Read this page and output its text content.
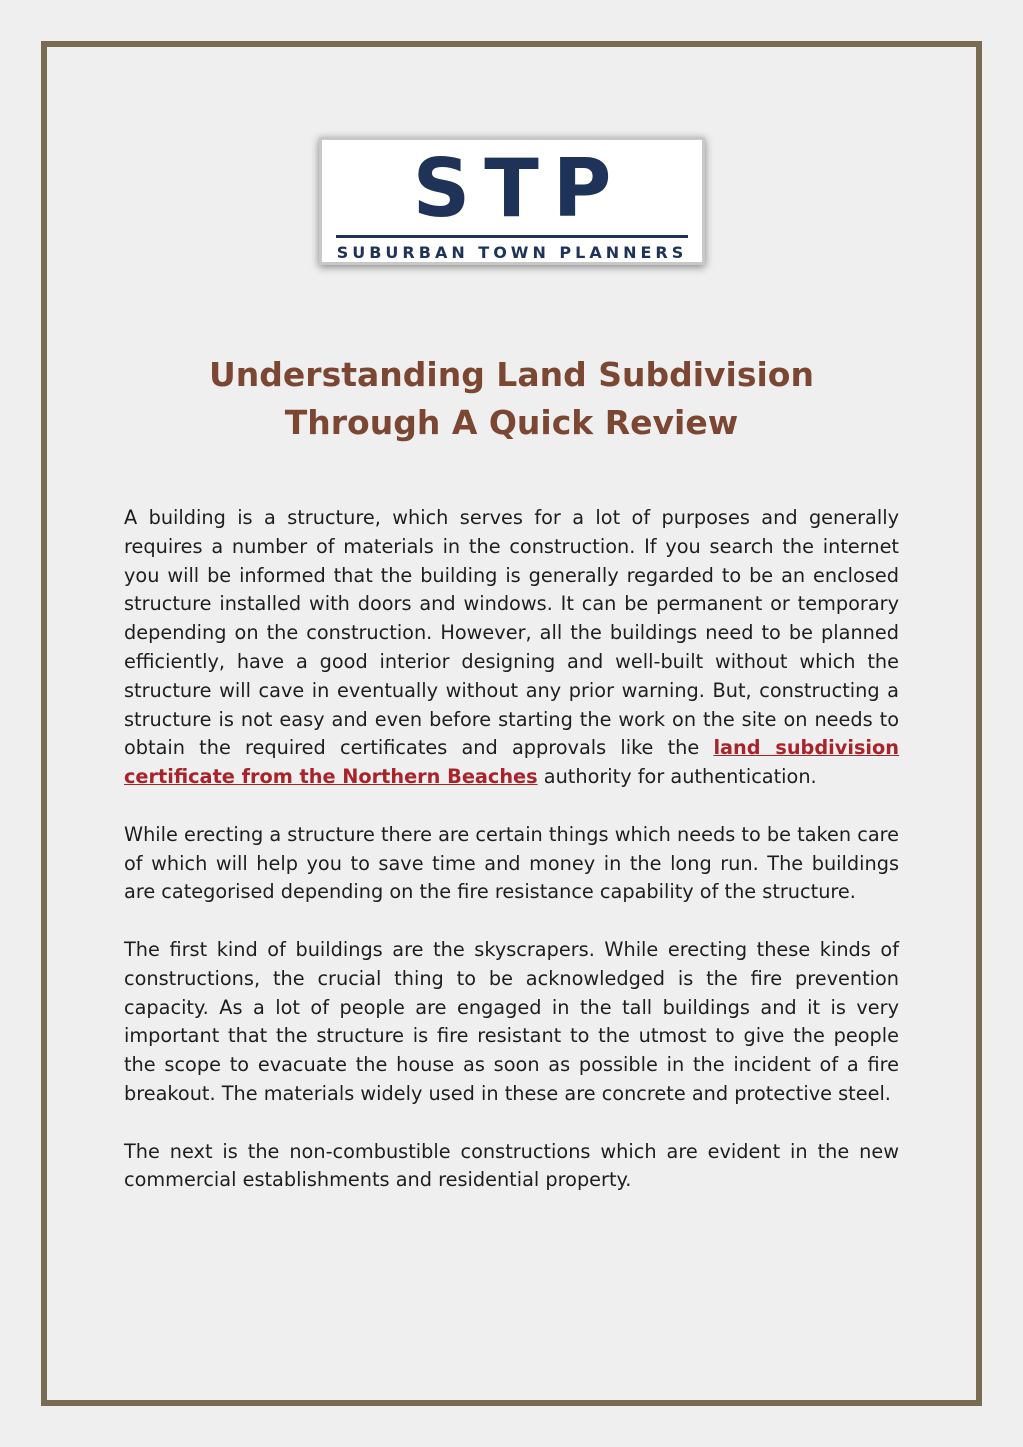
STP
SUBURBAN TOWN PLANNERS
Understanding Land Subdivision
Through A Quick Review

A building is a structure, which serves for a lot of purposes and generally requires a number of materials in the construction. If you search the internet you will be informed that the building is generally regarded to be an enclosed structure installed with doors and windows. It can be permanent or temporary depending on the construction. However, all the buildings need to be planned efficiently, have a good interior designing and well-built without which the structure will cave in eventually without any prior warning. But, constructing a structure is not easy and even before starting the work on the site on needs to obtain the required certificates and approvals like the land subdivision certificate from the Northern Beaches authority for authentication.

While erecting a structure there are certain things which needs to be taken care of which will help you to save time and money in the long run. The buildings are categorised depending on the fire resistance capability of the structure.

The first kind of buildings are the skyscrapers. While erecting these kinds of constructions, the crucial thing to be acknowledged is the fire prevention capacity. As a lot of people are engaged in the tall buildings and it is very important that the structure is fire resistant to the utmost to give the people the scope to evacuate the house as soon as possible in the incident of a fire breakout. The materials widely used in these are concrete and protective steel.

The next is the non-combustible constructions which are evident in the new commercial establishments and residential property.
